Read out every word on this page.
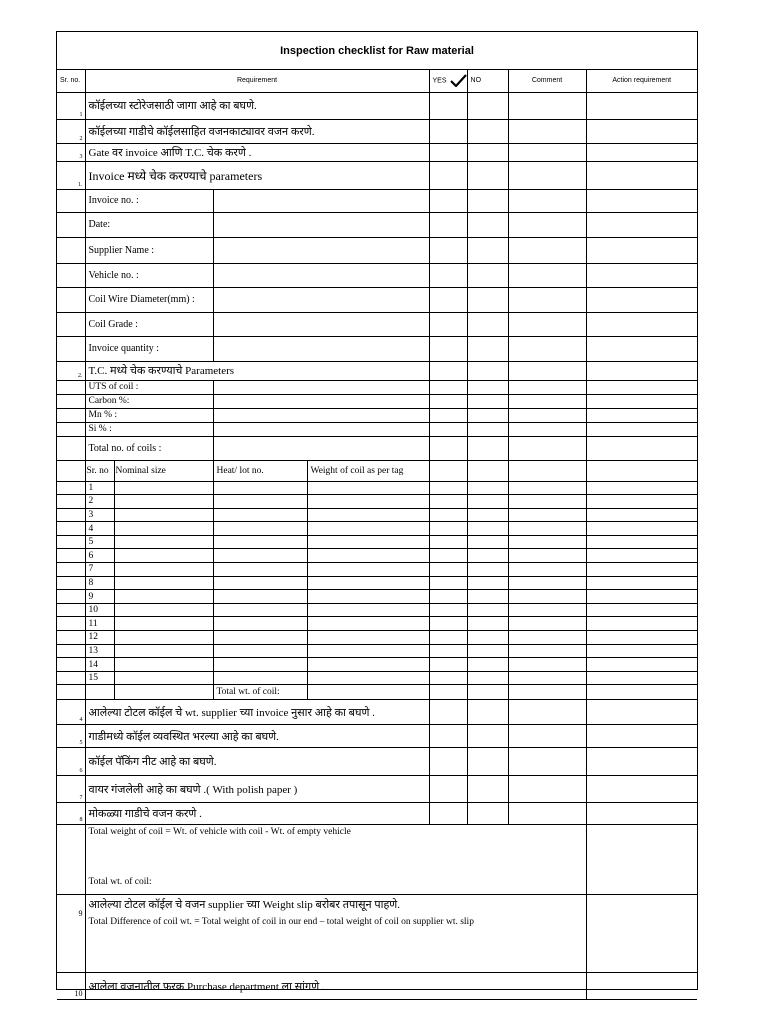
Inspection checklist for Raw material
Sr. no.	Requirement				YES	NO	Comment	Action requirement
1	कॉईलच्या स्टोरेजसाठी जागा आहे का बघणे.							
2	कॉईलच्या गाडीचे कॉईलसाहित वजनकाट्यावर वजन करणे.							
3	Gate वर invoice आणि T.C. चेक करणे .							
1.	Invoice मध्ये चेक करण्याचे parameters							
	Invoice no. :							
	Date:							
	Supplier Name :							
	Vehicle no. :							
	Coil Wire Diameter(mm) :							
	Coil Grade :							
	Invoice quantity :							
2.	T.C. मध्ये चेक करण्याचे Parameters							
	UTS of coil :							
	Carbon %:							
	Mn % :							
	Si % :							
	Total no. of coils :							
	Sr. no	Nominal size	Heat/ lot no.	Weight of coil as per tag				
	1							
	2							
	3							
	4							
	5							
	6							
	7							
	8							
	9							
	10							
	11							
	12							
	13							
	14							
	15							
			Total wt. of coil:					
4	आलेल्या टोटल कॉईल चे wt. supplier च्या invoice नुसार आहे का बघणे .							
5	गाडीमध्ये कॉईल व्यवस्थित भरल्या आहे का बघणे.							
6	कॉईल पॅकिंग नीट आहे का बघणे.							
7	वायर गंजलेली आहे का बघणे .( With polish paper )							
8	मोकळ्या गाडीचे वजन करणे .							

	Total weight of coil = Wt. of vehicle with coil - Wt. of empty vehicle
Total wt. of coil:							

9	आलेल्या टोटल कॉईल चे वजन supplier च्या Weight slip बरोबर तपासून पाहणे.
Total Difference of coil wt. = Total weight of coil in our end – total weight of coil on supplier wt. slip							

10	आलेला वजनातील फरक Purchase department ला सांगणे .							
